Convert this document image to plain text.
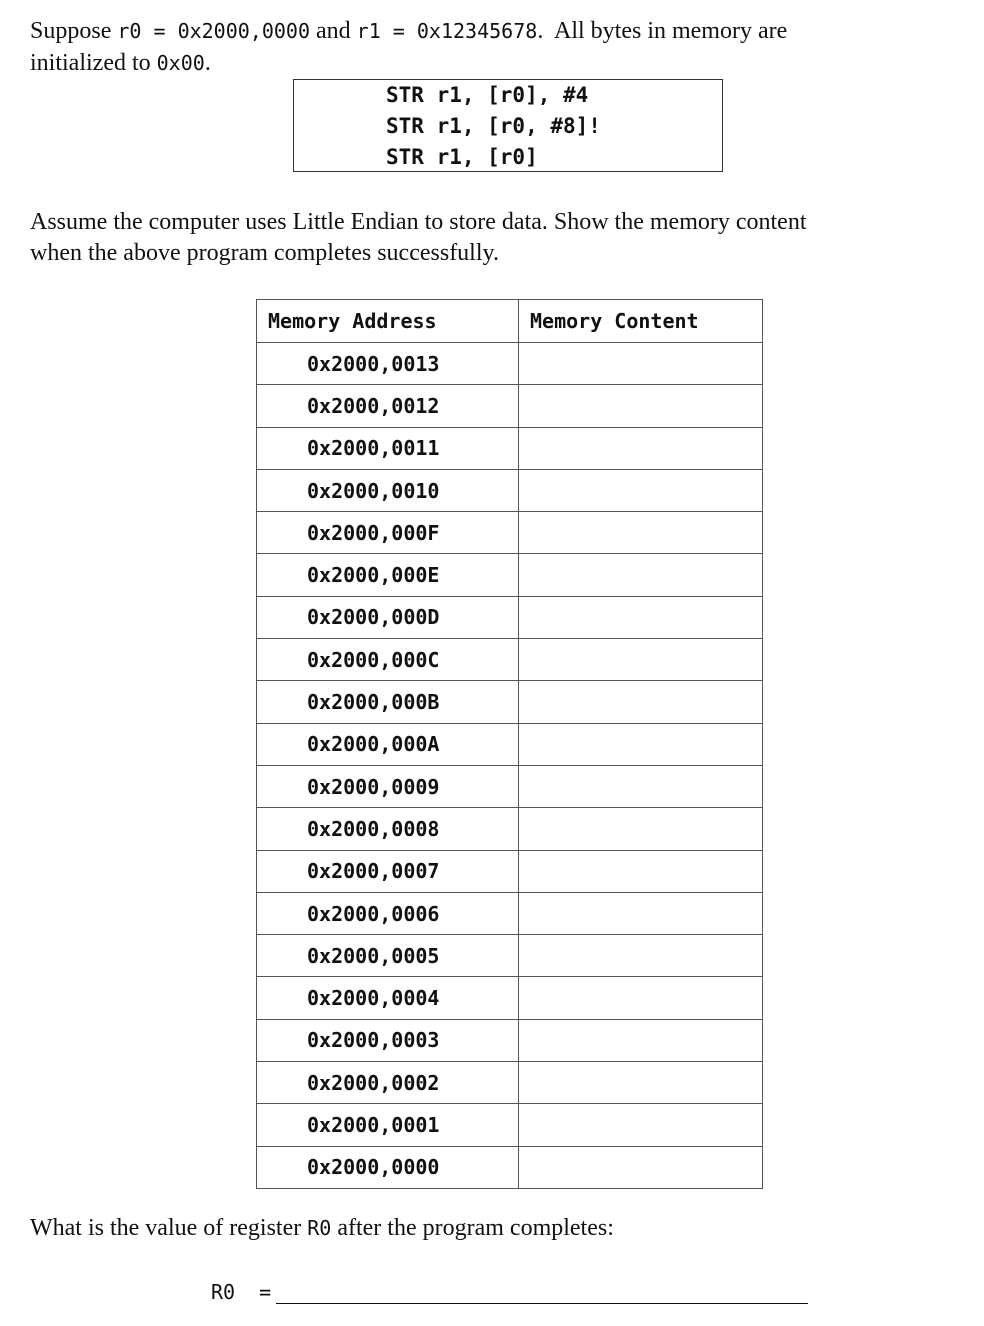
Suppose r0 = 0x2000,0000 and r1 = 0x12345678.  All bytes in memory are
initialized to 0x00.
STR r1, [r0], #4
STR r1, [r0, #8]!
STR r1, [r0]
Assume the computer uses Little Endian to store data. Show the memory content
when the above program completes successfully.
Memory Address	Memory Content
0x2000,0013	
0x2000,0012	
0x2000,0011	
0x2000,0010	
0x2000,000F	
0x2000,000E	
0x2000,000D	
0x2000,000C	
0x2000,000B	
0x2000,000A	
0x2000,0009	
0x2000,0008	
0x2000,0007	
0x2000,0006	
0x2000,0005	
0x2000,0004	
0x2000,0003	
0x2000,0002	
0x2000,0001	
0x2000,0000	
What is the value of register R0 after the program completes:
R0  =
